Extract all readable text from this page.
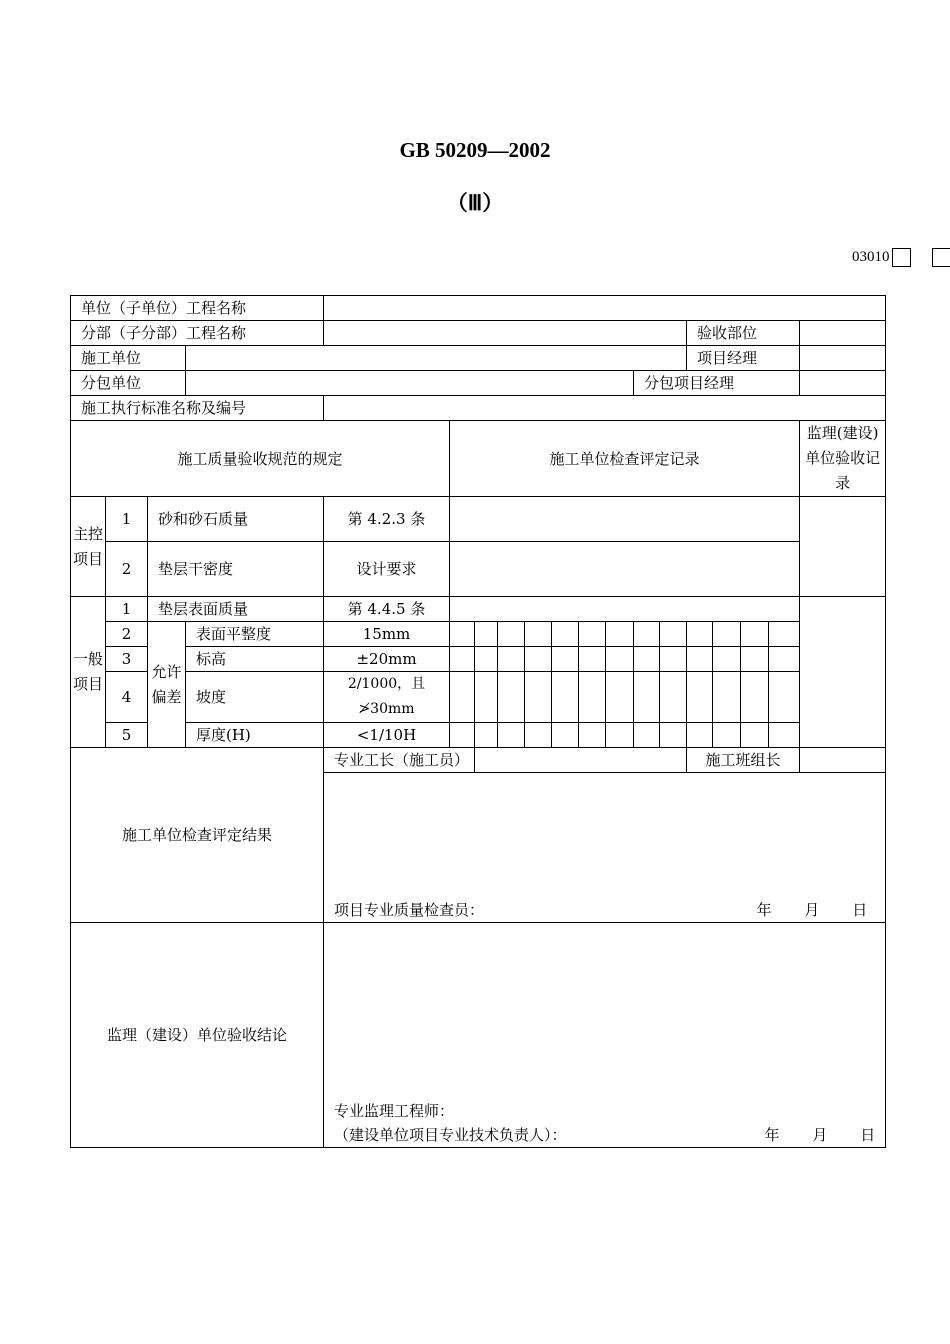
GB 50209—2002
（Ⅲ）
03010
单位（子单位）工程名称																		
分部（子分部）工程名称														验收部位				
施工单位														项目经理				
分包单位												分包项目经理						
施工执行标准名称及编号																		
施工质量验收规范的规定					施工单位检查评定记录													监理(建设)单位验收记录
主控项目	1	砂和砂石质量		第 4.2.3 条														
	2	垫层干密度		设计要求														
一般项目	1	垫层表面质量		第 4.4.5 条														
	2	允许偏差	表面平整度	15mm														
	3		标高	±20mm														
	4		坡度	2/1000，且≯30mm														
	5		厚度(H)	<1/10H														
施工单位检查评定结果				专业工长（施工员）										施工班组长				

				项目专业质量检查员： 年 月 日														

监理（建设）单位验收结论				专业监理工程师：
（建设单位项目专业技术负责人）： 年 月 日														
